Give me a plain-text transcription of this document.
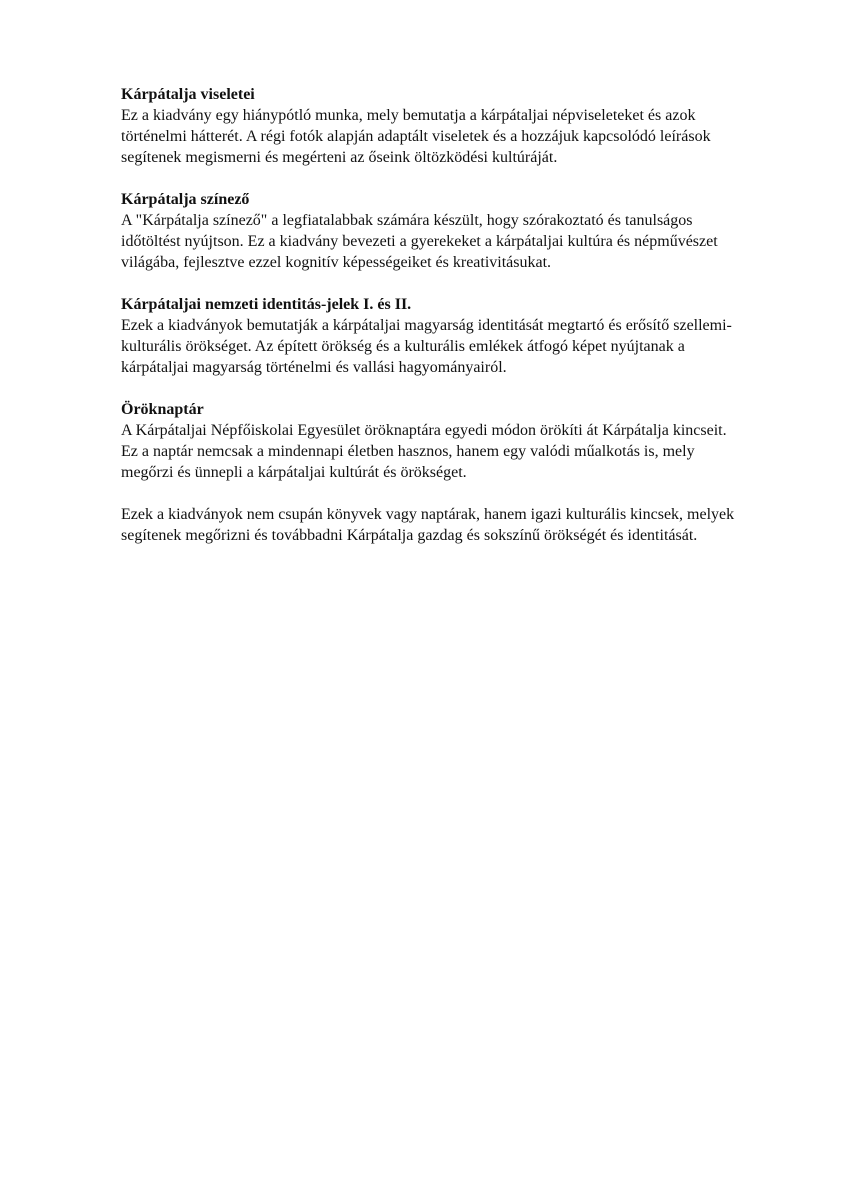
Kárpátalja viseletei

Ez a kiadvány egy hiánypótló munka, mely bemutatja a kárpátaljai népviseleteket és azok
történelmi hátterét. A régi fotók alapján adaptált viseletek és a hozzájuk kapcsolódó leírások
segítenek megismerni és megérteni az őseink öltözködési kultúráját.

Kárpátalja színező

A "Kárpátalja színező" a legfiatalabbak számára készült, hogy szórakoztató és tanulságos
időtöltést nyújtson. Ez a kiadvány bevezeti a gyerekeket a kárpátaljai kultúra és népművészet
világába, fejlesztve ezzel kognitív képességeiket és kreativitásukat.

Kárpátaljai nemzeti identitás-jelek I. és II.

Ezek a kiadványok bemutatják a kárpátaljai magyarság identitását megtartó és erősítő szellemi-
kulturális örökséget. Az épített örökség és a kulturális emlékek átfogó képet nyújtanak a
kárpátaljai magyarság történelmi és vallási hagyományairól.

Öröknaptár

A Kárpátaljai Népfőiskolai Egyesület öröknaptára egyedi módon örökíti át Kárpátalja kincseit.
Ez a naptár nemcsak a mindennapi életben hasznos, hanem egy valódi műalkotás is, mely
megőrzi és ünnepli a kárpátaljai kultúrát és örökséget.

Ezek a kiadványok nem csupán könyvek vagy naptárak, hanem igazi kulturális kincsek, melyek
segítenek megőrizni és továbbadni Kárpátalja gazdag és sokszínű örökségét és identitását.
